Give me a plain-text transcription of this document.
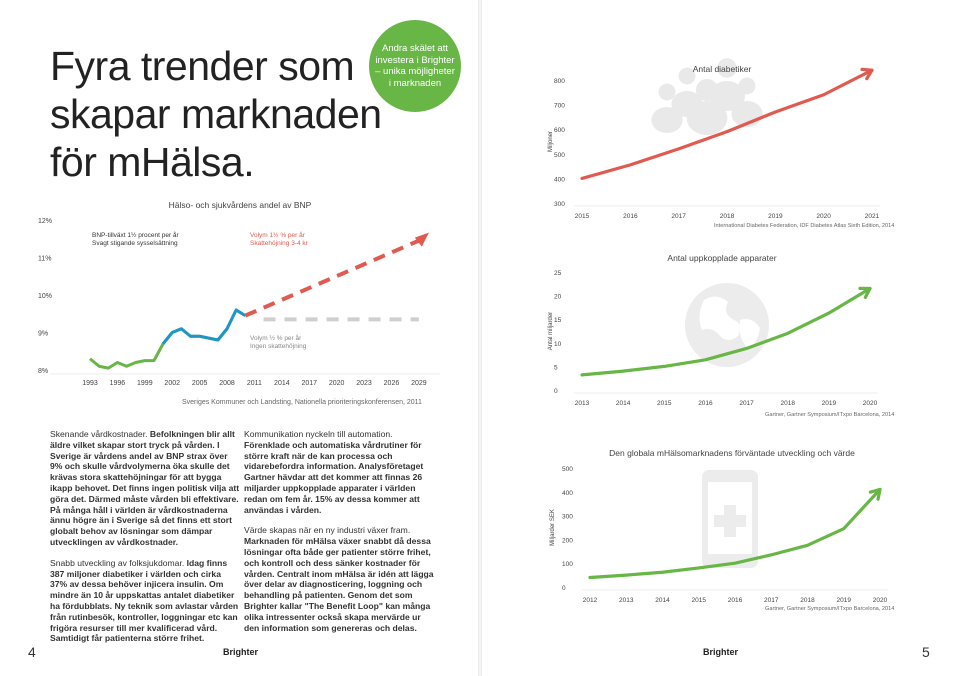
Fyra trender som
skapar marknaden
för mHälsa.
Andra skälet att investera i Brighter – unika möjligheter i marknaden
Hälso- och sjukvårdens andel av BNP
12%
11%
10%
9%
8%
1993 1996 1999 2002 2005 2008 2011 2014 2017 2020 2023 2026 2029
BNP-tillväxt 1½ procent per år
Svagt stigande sysselsättning
Volym 1½ % per år
Skattehöjning 3-4 kr
Volym ½ % per år
Ingen skattehöjning
Sveriges Kommuner och Landsting, Nationella prioriteringskonferensen, 2011

Skenande vårdkostnader. Befolkningen blir allt äldre vilket skapar stort tryck på vården. I Sverige är vårdens andel av BNP strax över 9% och skulle vårdvolymerna öka skulle det krävas stora skattehöjningar för att bygga ikapp behovet. Det finns ingen politisk vilja att göra det. Därmed måste vården bli effektivare. På många håll i världen är vårdkostnaderna ännu högre än i Sverige så det finns ett stort globalt behov av lösningar som dämpar utvecklingen av vårdkostnader.

Snabb utveckling av folksjukdomar. Idag finns 387 miljoner diabetiker i världen och cirka 37% av dessa behöver injicera insulin. Om mindre än 10 år uppskattas antalet diabetiker ha fördubblats. Ny teknik som avlastar vården från rutinbesök, kontroller, loggningar etc kan frigöra resurser till mer kvalificerad vård. Samtidigt får patienterna större frihet.

Kommunikation nyckeln till automation. Förenklade och automatiska vårdrutiner för större kraft när de kan processa och vidarebefordra information. Analysföretaget Gartner hävdar att det kommer att finnas 26 miljarder uppkopplade apparater i världen redan om fem år. 15% av dessa kommer att användas i vården.

Värde skapas när en ny industri växer fram. Marknaden för mHälsa växer snabbt då dessa lösningar ofta både ger patienter större frihet, och kontroll och dess sänker kostnader för vården. Centralt inom mHälsa är idén att lägga över delar av diagnosticering, loggning och behandling på patienten. Genom det som Brighter kallar "The Benefit Loop" kan många olika intressenter också skapa mervärde ur den information som genereras och delas.

4	Brighter
800
700
600
500
400
300
2015	2016	2017	2018	2019	2020	2021
Miljoner
Antal diabetiker
25
20
15
10
5
0
2013	2014	2015	2016	2017	2018	2019	2020
Antal miljarder
Antal uppkopplade apparater
500
400
300
200
100
0
2012	2013	2014	2015	2016	2017	2018	2019	2020
Miljarder SEK
Den globala mHälsomarknadens förväntade utveckling och värde
International Diabetes Federation, IDF Diabetes Atlas Sixth Edition, 2014
Gartner, Gartner Symposium/ITxpo Barcelona, 2014
Gartner, Gartner Symposium/ITxpo Barcelona, 2014
Brighter	5
